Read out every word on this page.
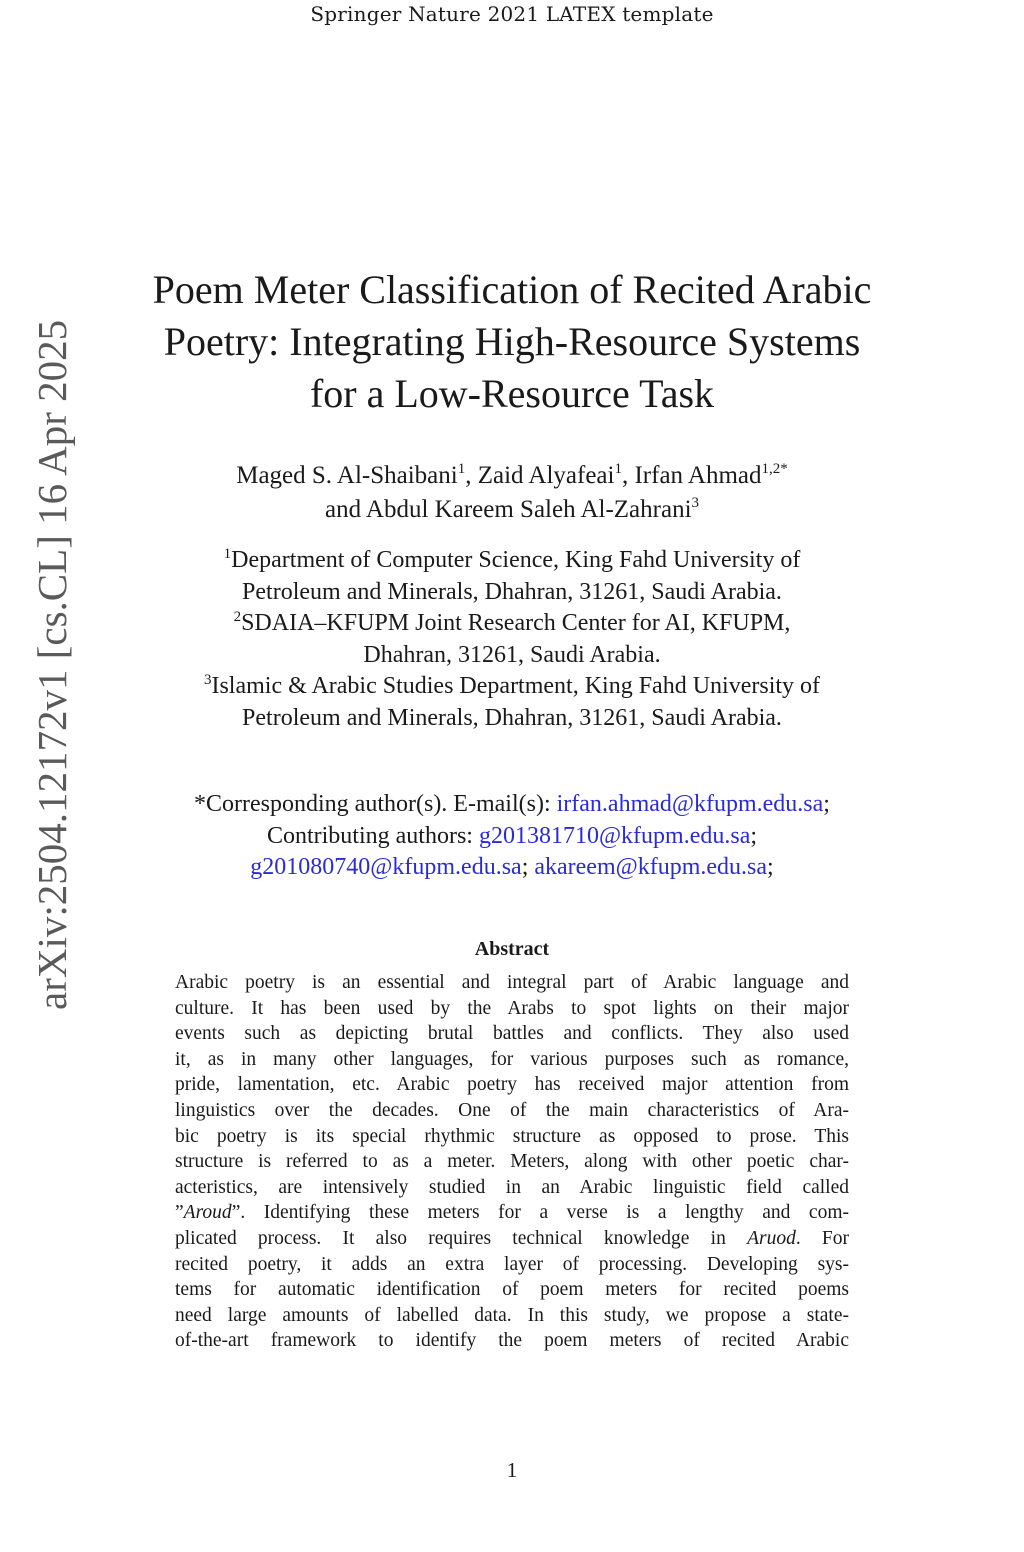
Springer Nature 2021 LATEX template
arXiv:2504.12172v1 [cs.CL] 16 Apr 2025
Poem Meter Classification of Recited Arabic
Poetry: Integrating High-Resource Systems
for a Low-Resource Task
Maged S. Al-Shaibani$^1$, Zaid Alyafeai$^1$, Irfan Ahmad$^{1,2*}$
and Abdul Kareem Saleh Al-Zahrani$^3$
$^1$Department of Computer Science, King Fahd University of
Petroleum and Minerals, Dhahran, 31261, Saudi Arabia.
$^2$SDAIA–KFUPM Joint Research Center for AI, KFUPM,
Dhahran, 31261, Saudi Arabia.
$^3$Islamic & Arabic Studies Department, King Fahd University of
Petroleum and Minerals, Dhahran, 31261, Saudi Arabia.
*Corresponding author(s). E-mail(s): irfan.ahmad@kfupm.edu.sa;
Contributing authors: g201381710@kfupm.edu.sa;
g201080740@kfupm.edu.sa; akareem@kfupm.edu.sa;
Abstract
Arabic poetry is an essential and integral part of Arabic language and
culture. It has been used by the Arabs to spot lights on their major
events such as depicting brutal battles and conflicts. They also used
it, as in many other languages, for various purposes such as romance,
pride, lamentation, etc. Arabic poetry has received major attention from
linguistics over the decades. One of the main characteristics of Ara-
bic poetry is its special rhythmic structure as opposed to prose. This
structure is referred to as a meter. Meters, along with other poetic char-
acteristics, are intensively studied in an Arabic linguistic field called
”Aroud”. Identifying these meters for a verse is a lengthy and com-
plicated process. It also requires technical knowledge in Aruod. For
recited poetry, it adds an extra layer of processing. Developing sys-
tems for automatic identification of poem meters for recited poems
need large amounts of labelled data. In this study, we propose a state-
of-the-art framework to identify the poem meters of recited Arabic
1
